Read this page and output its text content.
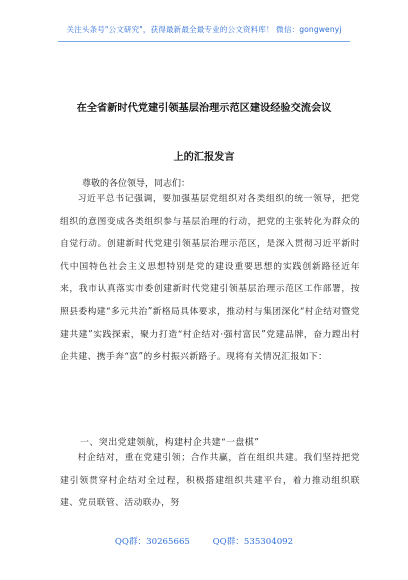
关注头条号"公文研究"，获得最新最全最专业的公文资料库！ 微信：gongwenyj
在全省新时代党建引领基层治理示范区建设经验交流会议
上的汇报发言
尊敬的各位领导，同志们：

习近平总书记强调，要加强基层党组织对各类组织的统一领导，把党组织的意图变成各类组织参与基层治理的行动，把党的主张转化为群众的自觉行动。创建新时代党建引领基层治理示范区，是深入贯彻习近平新时代中国特色社会主义思想特别是党的建设重要思想的实践创新路径近年来，我市认真落实市委创建新时代党建引领基层治理示范区工作部署，按照县委构建“多元共治”新格局具体要求，推动村与集团深化“村企结对暨党建共建”实践探索，聚力打造“村企结对·强村富民”党建品牌，奋力蹚出村企共建、携手奔“富”的乡村振兴新路子。现将有关情况汇报如下：

一、突出党建领航，构建村企共建“一盘棋”

村企结对，重在党建引领；合作共赢，首在组织共建。我们坚持把党建引领贯穿村企结对全过程，积极搭建组织共建平台，着力推动组织联建、党员联管、活动联办，努

QQ群：30265665	QQ群：535304092
